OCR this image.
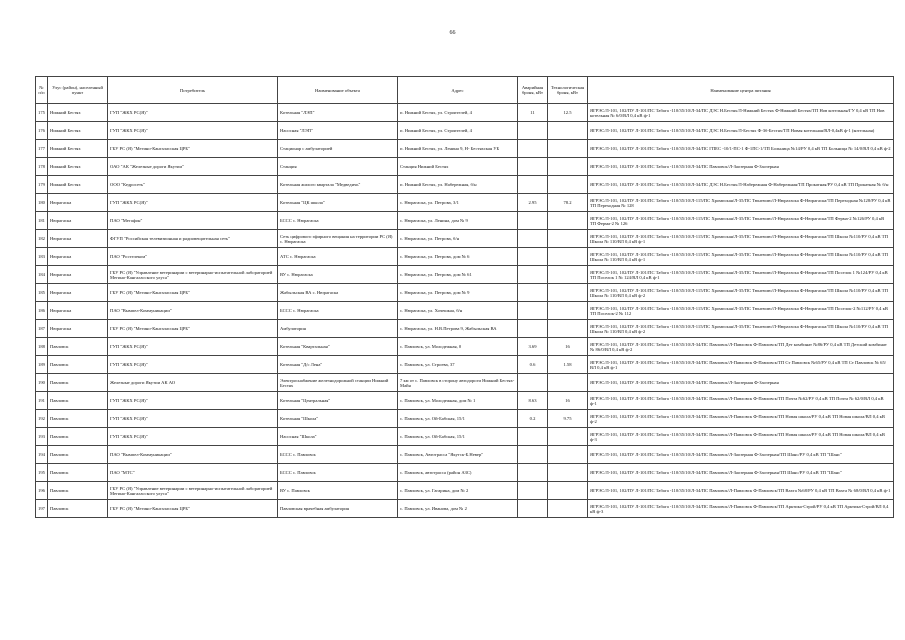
66
№ п/п	Улус (район), населенный пункт	Потребитель	Наименование объекта	Адрес	Аварийная броня, кВт	Технологическая броня, кВт	Наименование центра питания
175	Нижний Бестях	ГУП "ЖКХ РС(Я)"	Котельная "ЛЭП"	п. Нижний Бестях, ул. Строителей, 4	11	12.5	ЯГРЭС/Л-101, 102/ПУ Л-101/ПС Табага -110/35/10/Л-34/ПС ДЭС Н.Бестях/Л-Нижний Бестях Ф-Нижний Бестях/ТП Нов котельная/ГУ 0,4 кВ ТП Нов котельная № 6/0/ВЛ 0,4 кВ ф-1
176	Нижний Бестях	ГУП "ЖКХ РС(Я)"	Насосная "ЛЭП"	п. Нижний Бестях, ул. Строителей, 4			ЯГРЭС/Л-101, 102/ПУ Л-101/ПС Табага -110/35/10/Л-34/ПС ДЭС Н.Бестях/Л-Бестях Ф-3б-Бестях/ТП Новая котельная/ВЛ-0,4кВ ф-1 (котельная)
177	Нижний Бестях	ГБУ РС (Я) "Мегино-Кангаласская ЦРБ"	Стационар с амбулаторией	п. Нижний Бестях, ул. Ленина 9, Н- Бестяхская УБ			ЯГРЭС/Л-101, 102/ПУ Л-101/ПС Табага -110/35/10/Л-34/ПС ГПЕС -10/1-ПС-1 Ф-1ПС-1/ТП Больница №14/РУ 0,4 кВ ТП Больница № 14/0/ВЛ 0,4 кВ ф-2
178	Нижний Бестях	ОАО "АК "Железные дороги Якутии"	Станция	Станция Нижний Бестях			ЯГРЭС/Л-101, 102/ПУ Л-101/ПС Табага -110/35/10/Л-34/ПС Павловск/Л-Заозерная Ф-Заозерная
179	Нижний Бестях	ООО "Кедросеть"	Котельная жилого квартала "Медведичь"	п. Нижний Бестях, ул. Набережная, б/н			ЯГРЭС/Л-101, 102/ПУ Л-101/ПС Табага -110/35/10/Л-34/ПС ДЭС Н.Бестях/Л-Набережная Ф-Набережная/ТП Прокатная/РУ 0,4 кВ ТП Прокатная № б/н
180	Нюрагаска	ГУП "ЖКХ РС(Я)"	Котельная "ЦК школа"	с. Нюрагаска, ул. Петрова, 3/1	2.95	78.2	ЯГРЭС/Л-101, 102/ПУ Л-101/ПС Табага -110/35/10/Л-115/ПС Хромпская/Л-35/ПС Тюнгюлю/Л-Нюрагаска Ф-Нюрагаска/ТП Переходная №128/РУ 0,4 кВ ТП Переходная № 128
181	Нюрагаска	ПАО "Мегафон"	БССС с. Нюрагаска	с. Нюрагаска, ул. Ленина, дом № 9			ЯГРЭС/Л-101, 102/ПУ Л-101/ПС Табага -110/35/10/Л-115/ПС Хромпская/Л-35/ПС Тюнгюлю/Л-Нюрагаска Ф-Нюрагаска/ТП Ферма-2 №126/РУ 0,4 кВ ТП Ферма-2 № 126
182	Нюрагаска	ФГУП "Российская телевизионная и радиовещательная сеть"	Сеть цифрового эфирного вещания на территории РС (Я) с. Нюрагаска	с. Нюрагаска, ул. Петрова, б/н			ЯГРЭС/Л-101, 102/ПУ Л-101/ПС Табага -110/35/10/Л-115/ПС Хромпская/Л-35/ПС Тюнгюлю/Л-Нюрагаска Ф-Нюрагаска/ТП Школа №110/РУ 0,4 кВ ТП Школа № 110/ВЛ 0,4 кВ ф-1
183	Нюрагаска	ПАО "Ростелеком"	АТС с. Нюрагаска	с. Нюрагаска, ул. Петрова, дом № 6			ЯГРЭС/Л-101, 102/ПУ Л-101/ПС Табага -110/35/10/Л-115/ПС Хромпская/Л-35/ПС Тюнгюлю/Л-Нюрагаска Ф-Нюрагаска/ТП Школа №110/РУ 0,4 кВ ТП Школа № 110/ВЛ 0,4 кВ ф-1
184	Нюрагаска	ГБУ РС (Я) "Управление ветеринарии с ветеринарно-испытательной лабораторией Мегино-Кангаласского улуса"	ВУ с. Нюрагаска	с. Нюрагаска, ул. Петрова, дом № 61			ЯГРЭС/Л-101, 102/ПУ Л-101/ПС Табага -110/35/10/Л-115/ПС Хромпская/Л-35/ПС Тюнгюлю/Л-Нюрагаска Ф-Нюрагаска/ТП Поселок 1 №124/РУ 0,4 кВ ТП Поселок 1 № 124/ВЛ 0,4 кВ ф-1
185	Нюрагаска	ГБУ РС (Я) "Мегино-Кангаласская ЦРБ"	Жабыльская ВА с. Нюрагаска	с. Нюрагаска, ул. Петрова, дом № 9			ЯГРЭС/Л-101, 102/ПУ Л-101/ПС Табага -110/35/10/Л-115/ПС Хромпская/Л-35/ПС Тюнгюлю/Л-Нюрагаска Ф-Нюрагаска/ТП Школа №110/РУ 0,4 кВ ТП Школа № 110/ВЛ 0,4 кВ ф-2
186	Нюрагаска	ПАО "Вымпел-Коммуникации"	БССС с. Нюрагаска	с. Нюрагаска, ул. Хочешкаа, б/н			ЯГРЭС/Л-101, 102/ПУ Л-101/ПС Табага -110/35/10/Л-115/ПС Хромпская/Л-35/ПС Тюнгюлю/Л-Нюрагаска Ф-Нюрагаска/ТП Поселок-2 №112/РУ 0,4 кВ ТП Поселок-2 № 112
187	Нюрагаска	ГБУ РС (Я) "Мегино-Кангаласская ЦРБ"	Амбулатория	с. Нюрагаска, ул. Н.В.Петрова 9, Жабыльская ВА			ЯГРЭС/Л-101, 102/ПУ Л-101/ПС Табага -110/35/10/Л-115/ПС Хромпская/Л-35/ПС Тюнгюлю/Л-Нюрагаска Ф-Нюрагаска/ТП Школа №110/РУ 0,4 кВ ТП Школа № 110/ВЛ 0,4 кВ ф-2
188	Павловск	ГУП "ЖКХ РС(Я)"	Котельная "Квартальная"	с. Павловск, ул. Молодежная, 0	3.69	16	ЯГРЭС/Л-101, 102/ПУ Л-101/ПС Табага -110/35/10/Л-34/ПС Павловск/Л-Павловск Ф-Павловск/ТП Дет комбинат №86/РУ 0,4 кВ ТП Детский комбинат № 86/0/ВЛ 0,4 кВ ф-2
189	Павловск	ГУП "ЖКХ РС(Я)"	Котельная "Д/с Лена"	с. Павловск, ул. Строева, 37	0.6	1.58	ЯГРЭС/Л-101, 102/ПУ Л-101/ПС Табага -110/35/10/Л-34/ПС Павловск/Л-Павловск Ф-Павловск/ТП Ст Павловск №65/РУ 0,4 кВ ТП Ст Павловск № 65/ВЛ 0,4 кВ ф-1
190	Павловск	Железные дороги Якутии АК АО	Электроснабжение железнодорожной станции Нижний Бестях	7 км от с. Павловск в сторону автодороги Нижний Бестях-Майя			ЯГРЭС/Л-101, 102/ПУ Л-101/ПС Табага -110/35/10/Л-34/ПС Павловск/Л-Заозерная Ф-Заозерная
191	Павловск	ГУП "ЖКХ РС(Я)"	Котельная "Центральная"	с. Павловск, ул. Молодежная, дом № 1	8.63	16	ЯГРЭС/Л-101, 102/ПУ Л-101/ПС Табага -110/35/10/Л-34/ПС Павловск/Л-Павловск Ф-Павловск/ТП Почта №62/РУ 0,4 кВ ТП Почта № 62/0/ВЛ 0,4 кВ ф-1
192	Павловск	ГУП "ЖКХ РС(Я)"	Котельная "Школа"	с. Павловск, ул. Ой-Бабская, 15/1	0.2	9.75	ЯГРЭС/Л-101, 102/ПУ Л-101/ПС Табага -110/35/10/Л-34/ПС Павловск/Л-Павловск Ф-Павловск/ТП Новая школа/РУ 0,4 кВ ТП Новая школа/ВЛ 0,4 кВ ф-2
193	Павловск	ГУП "ЖКХ РС(Я)"	Насосная "Школа"	с. Павловск, ул. Ой-Бабская, 15/1			ЯГРЭС/Л-101, 102/ПУ Л-101/ПС Табага -110/35/10/Л-34/ПС Павловск/Л-Павловск Ф-Павловск/ТП Новая школа/РУ 0,4 кВ ТП Новая школа/ВЛ 0,4 кВ ф-3
194	Павловск	ПАО "Вымпел-Коммуникации"	БССС с. Павловск	с. Павловск, Автотрасса "Якутск-Б.Невер"			ЯГРЭС/Л-101, 102/ПУ Л-101/ПС Табага -110/35/10/Л-34/ПС Павловск/Л-Заозерная Ф-Заозерная/ТП Шанс/РУ 0,4 кВ ТП "Шанс"
195	Павловск	ПАО "МТС"	БССС с. Павловск	с. Павловск, автотрасса (район АЗС)			ЯГРЭС/Л-101, 102/ПУ Л-101/ПС Табага -110/35/10/Л-34/ПС Павловск/Л-Заозерная Ф-Заозерная/ТП Шанс/РУ 0,4 кВ ТП "Шанс"
196	Павловск	ГБУ РС (Я) "Управление ветеринарии с ветеринарно-испытательной лабораторией Мегино-Кангаласского улуса"	ВУ с. Павловск	с. Павловск, ул. Гагарина, дом № 2			ЯГРЭС/Л-101, 102/ПУ Л-101/ПС Табага -110/35/10/Л-34/ПС Павловск/Л-Павловск Ф-Павловск/ТП Вахта №68/РУ 0,4 кВ ТП Вахта № 68/0/ВЛ 0,4 кВ ф-1
197	Павловск	ГБУ РС (Я) "Мегино-Кангаласская ЦРБ"	Павловская врачебная амбулатория	с. Павловск, ул. Иванова, дом № 2			ЯГРЭС/Л-101, 102/ПУ Л-101/ПС Табага -110/35/10/Л-34/ПС Павловск/Л-Павловск Ф-Павловск/ТП Арктика-Строй/РУ 0,4 кВ ТП Арктика-Строй/ВЛ 0,4 кВ ф-3
